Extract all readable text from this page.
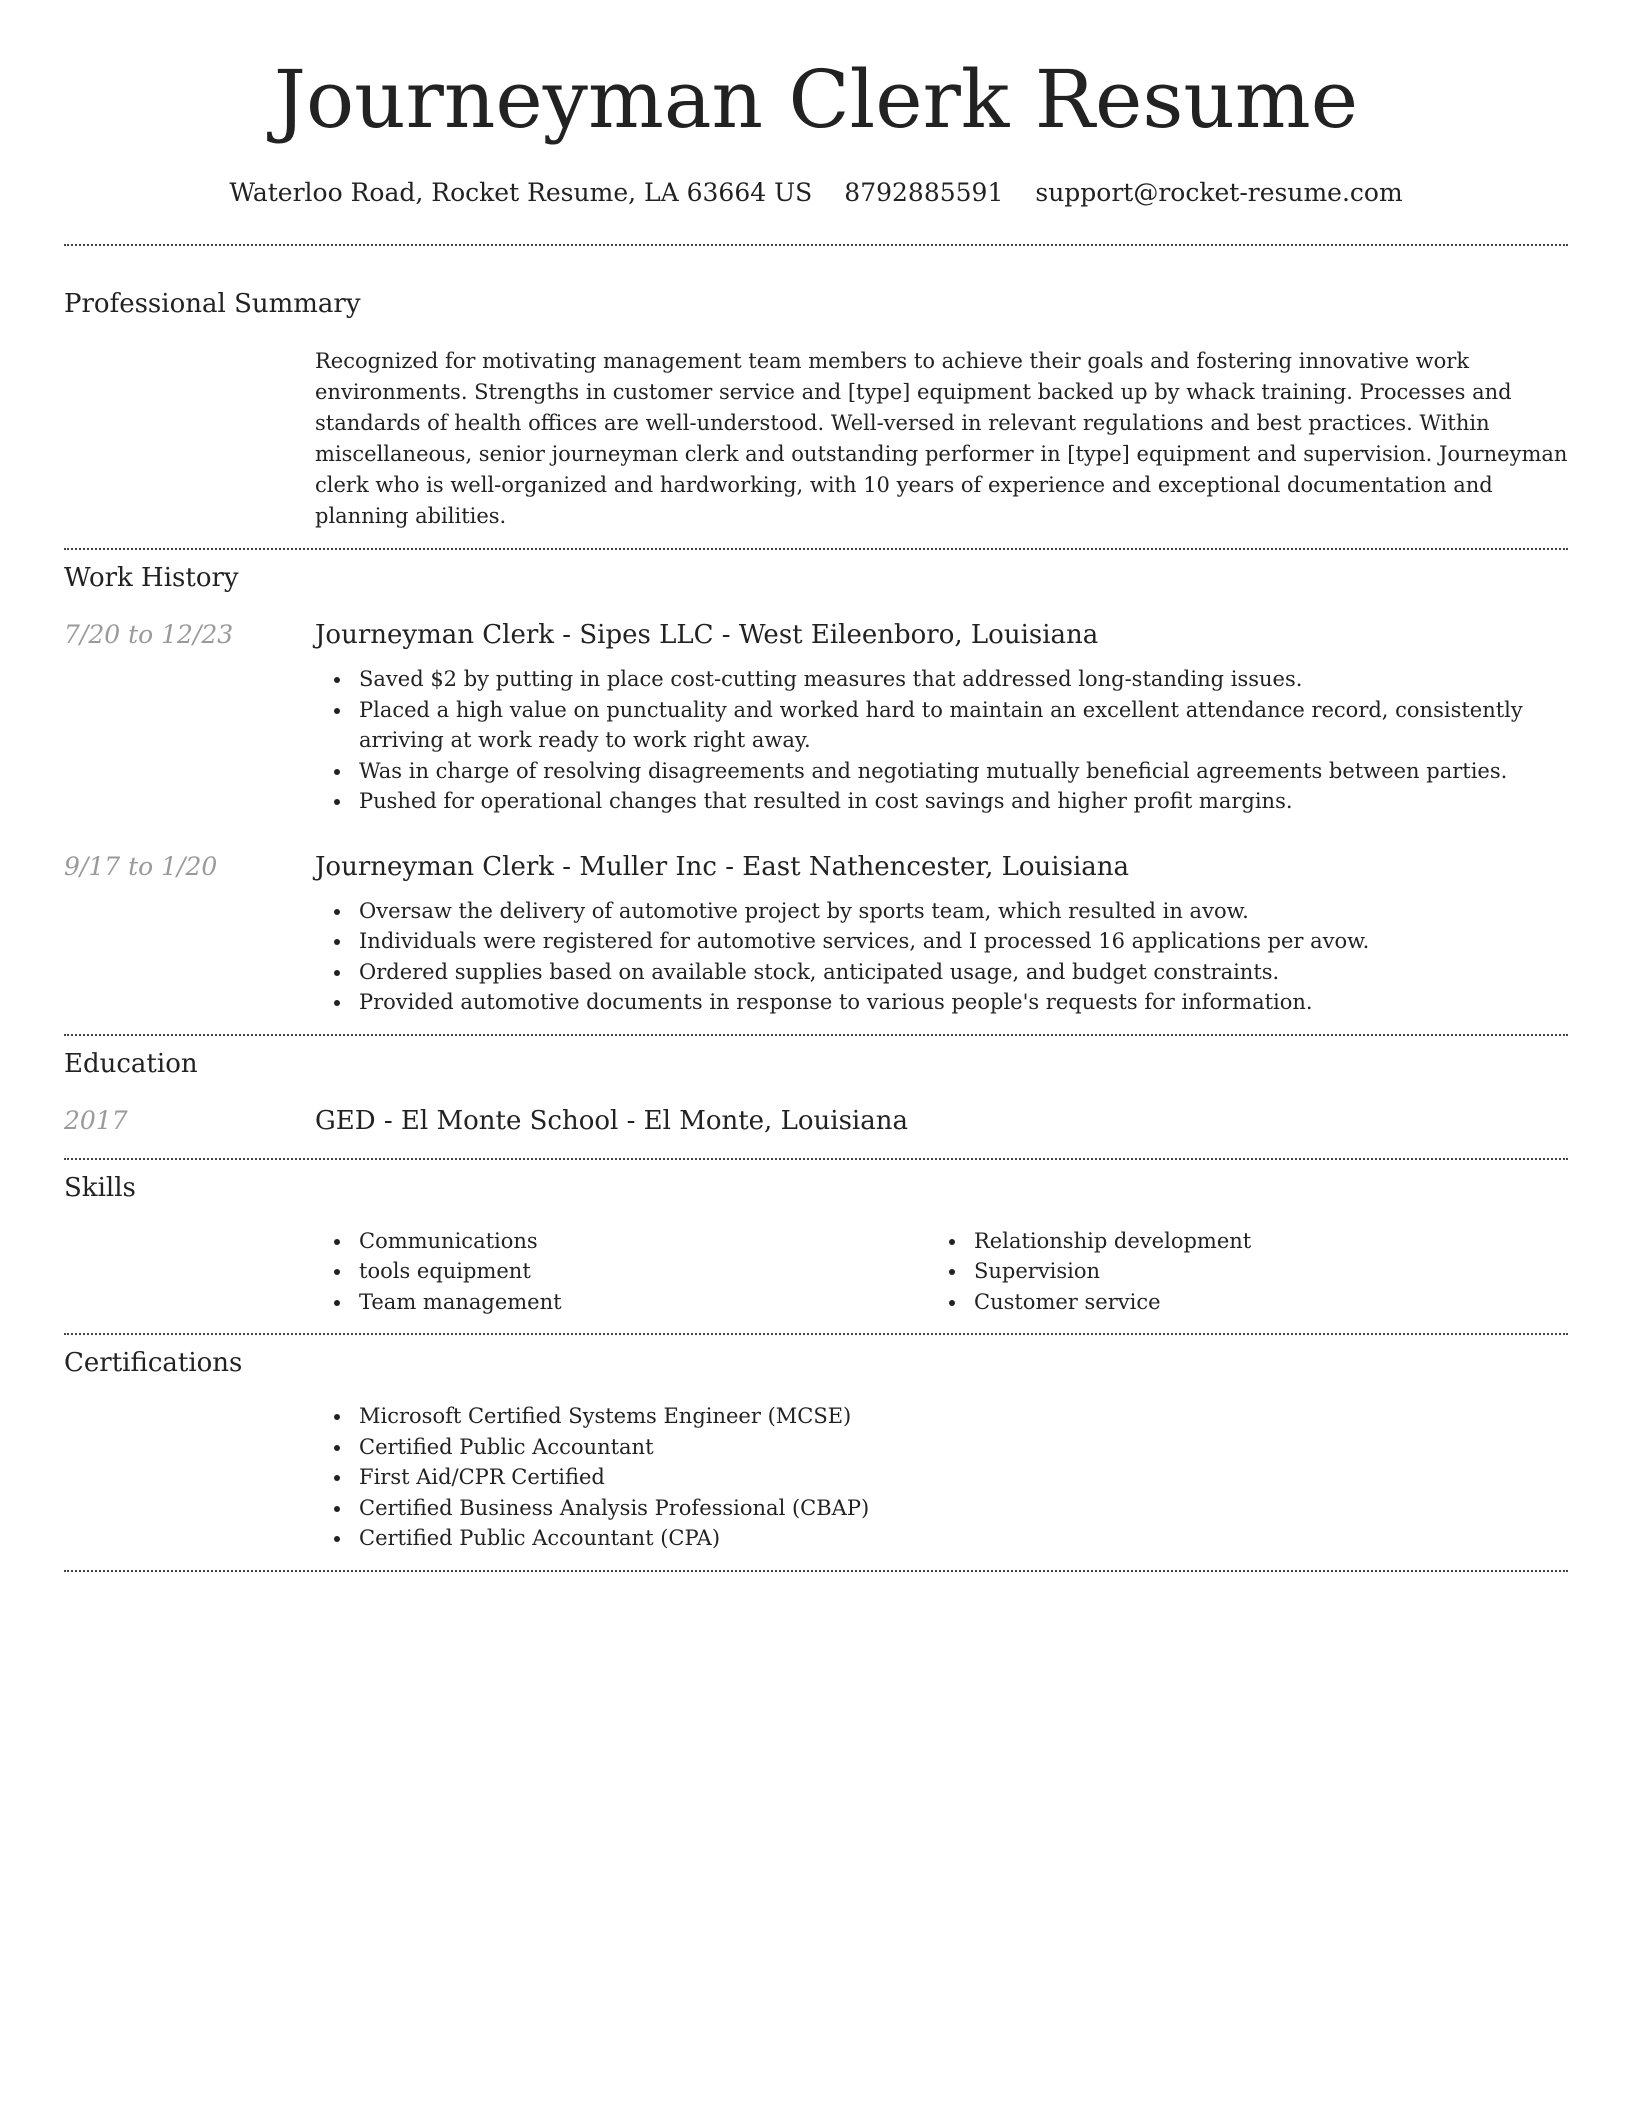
Journeyman Clerk Resume
Waterloo Road, Rocket Resume, LA 63664 US 8792885591 support@rocket-resume.com
Professional Summary
Recognized for motivating management team members to achieve their goals and fostering innovative work environments. Strengths in customer service and [type] equipment backed up by whack training. Processes and standards of health offices are well-understood. Well-versed in relevant regulations and best practices. Within miscellaneous, senior journeyman clerk and outstanding performer in [type] equipment and supervision. Journeyman clerk who is well-organized and hardworking, with 10 years of experience and exceptional documentation and planning abilities.
Work History
7/20 to 12/23	Journeyman Clerk - Sipes LLC - West Eileenboro, Louisiana
Saved $2 by putting in place cost-cutting measures that addressed long-standing issues.
Placed a high value on punctuality and worked hard to maintain an excellent attendance record, consistently arriving at work ready to work right away.
Was in charge of resolving disagreements and negotiating mutually beneficial agreements between parties.
Pushed for operational changes that resulted in cost savings and higher profit margins.
9/17 to 1/20	Journeyman Clerk - Muller Inc - East Nathencester, Louisiana
Oversaw the delivery of automotive project by sports team, which resulted in avow.
Individuals were registered for automotive services, and I processed 16 applications per avow.
Ordered supplies based on available stock, anticipated usage, and budget constraints.
Provided automotive documents in response to various people's requests for information.
Education
2017	GED - El Monte School - El Monte, Louisiana
Skills
Communications
tools equipment
Team management
Relationship development
Supervision
Customer service
Certifications
Microsoft Certified Systems Engineer (MCSE)
Certified Public Accountant
First Aid/CPR Certified
Certified Business Analysis Professional (CBAP)
Certified Public Accountant (CPA)
